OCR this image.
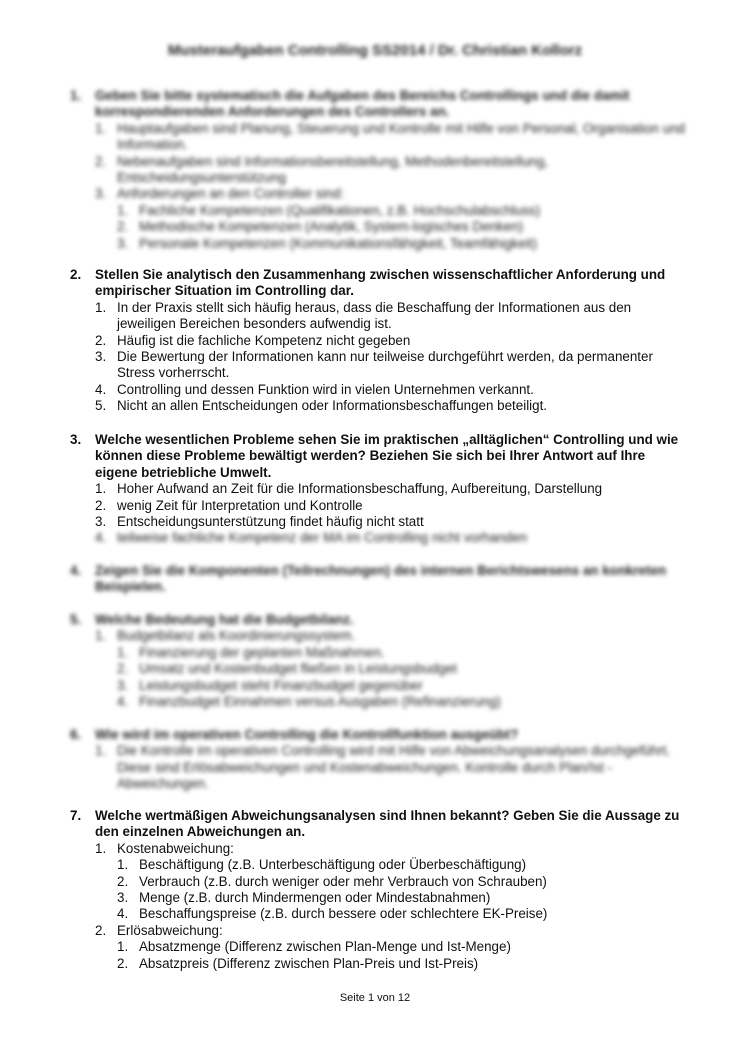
Musteraufgaben Controlling SS2014 / Dr. Christian Kollorz
1.	Geben Sie bitte systematisch die Aufgaben des Bereichs Controllings und die damit korrespondierenden Anforderungen des Controllers an.
1. Hauptaufgaben sind Planung, Steuerung und Kontrolle mit Hilfe von Personal, Organisation und Information.
2. Nebenaufgaben sind Informationsbereitstellung, Methodenbereitstellung, Entscheidungsunterstützung
3. Anforderungen an den Controller sind:
1. Fachliche Kompetenzen (Qualifikationen, z.B. Hochschulabschluss)
2. Methodische Kompetenzen (Analytik, System-logisches Denken)
3. Personale Kompetenzen (Kommunikationsfähigkeit, Teamfähigkeit)
2.	Stellen Sie analytisch den Zusammenhang zwischen wissenschaftlicher Anforderung und empirischer Situation im Controlling dar.
1. In der Praxis stellt sich häufig heraus, dass die Beschaffung der Informationen aus den jeweiligen Bereichen besonders aufwendig ist.
2. Häufig ist die fachliche Kompetenz nicht gegeben
3. Die Bewertung der Informationen kann nur teilweise durchgeführt werden, da permanenter Stress vorherrscht.
4. Controlling und dessen Funktion wird in vielen Unternehmen verkannt.
5. Nicht an allen Entscheidungen oder Informationsbeschaffungen beteiligt.
3.	Welche wesentlichen Probleme sehen Sie im praktischen „alltäglichen“ Controlling und wie können diese Probleme bewältigt werden? Beziehen Sie sich bei Ihrer Antwort auf Ihre eigene betriebliche Umwelt.
1. Hoher Aufwand an Zeit für die Informationsbeschaffung, Aufbereitung, Darstellung
2. wenig Zeit für Interpretation und Kontrolle
3. Entscheidungsunterstützung findet häufig nicht statt
4. teilweise fachliche Kompetenz der MA im Controlling nicht vorhanden
4.	Zeigen Sie die Komponenten (Teilrechnungen) des internen Berichtswesens an konkreten Beispielen.
5.	Welche Bedeutung hat die Budgetbilanz.
1. Budgetbilanz als Koordinierungssystem.
1. Finanzierung der geplanten Maßnahmen.
2. Umsatz und Kostenbudget fließen in Leistungsbudget
3. Leistungsbudget steht Finanzbudget gegenüber
4. Finanzbudget Einnahmen versus Ausgaben (Refinanzierung)
6.	Wie wird im operativen Controlling die Kontrollfunktion ausgeübt?
1. Die Kontrolle im operativen Controlling wird mit Hilfe von Abweichungsanalysen durchgeführt. Diese sind Erlösabweichungen und Kostenabweichungen. Kontrolle durch Plan/Ist - Abweichungen.
7.	Welche wertmäßigen Abweichungsanalysen sind Ihnen bekannt? Geben Sie die Aussage zu den einzelnen Abweichungen an.
1. Kostenabweichung:
1. Beschäftigung (z.B. Unterbeschäftigung oder Überbeschäftigung)
2. Verbrauch (z.B. durch weniger oder mehr Verbrauch von Schrauben)
3. Menge (z.B. durch Mindermengen oder Mindestabnahmen)
4. Beschaffungspreise (z.B. durch bessere oder schlechtere EK-Preise)
2. Erlösabweichung:
1. Absatzmenge (Differenz zwischen Plan-Menge und Ist-Menge)
2. Absatzpreis (Differenz zwischen Plan-Preis und Ist-Preis)
Seite 1 von 12
